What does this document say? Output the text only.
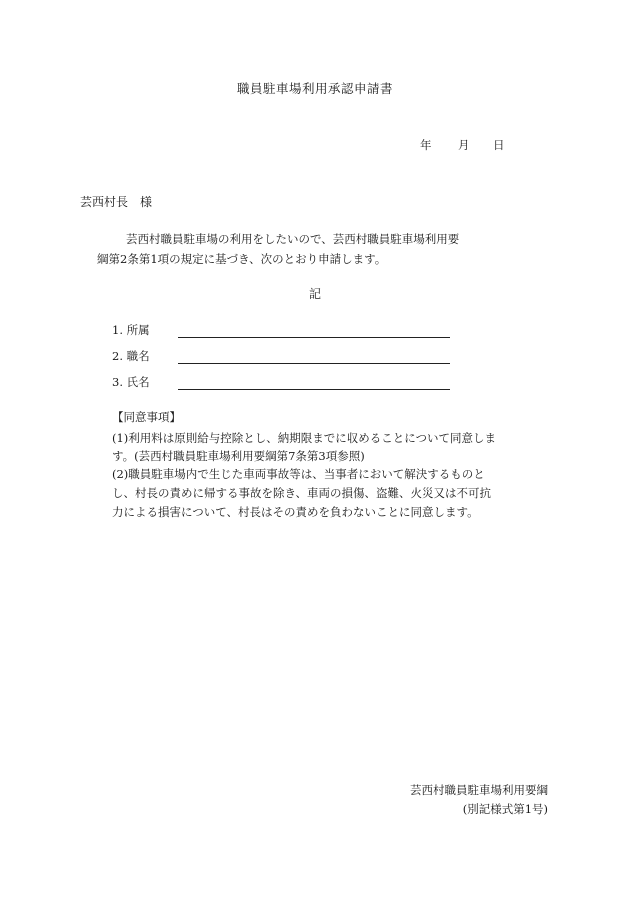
職員駐車場利用承認申請書
年 月 日
芸西村長　様
芸西村職員駐車場の利用をしたいので、芸西村職員駐車場利用要
綱第2条第1項の規定に基づき、次のとおり申請します。
記
1. 所属
2. 職名
3. 氏名
【同意事項】
(1)利用料は原則給与控除とし、納期限までに収めることについて同意しま
す。(芸西村職員駐車場利用要綱第7条第3項参照)
(2)職員駐車場内で生じた車両事故等は、当事者において解決するものと
し、村長の責めに帰する事故を除き、車両の損傷、盗難、火災又は不可抗
力による損害について、村長はその責めを負わないことに同意します。
芸西村職員駐車場利用要綱
(別記様式第1号)
